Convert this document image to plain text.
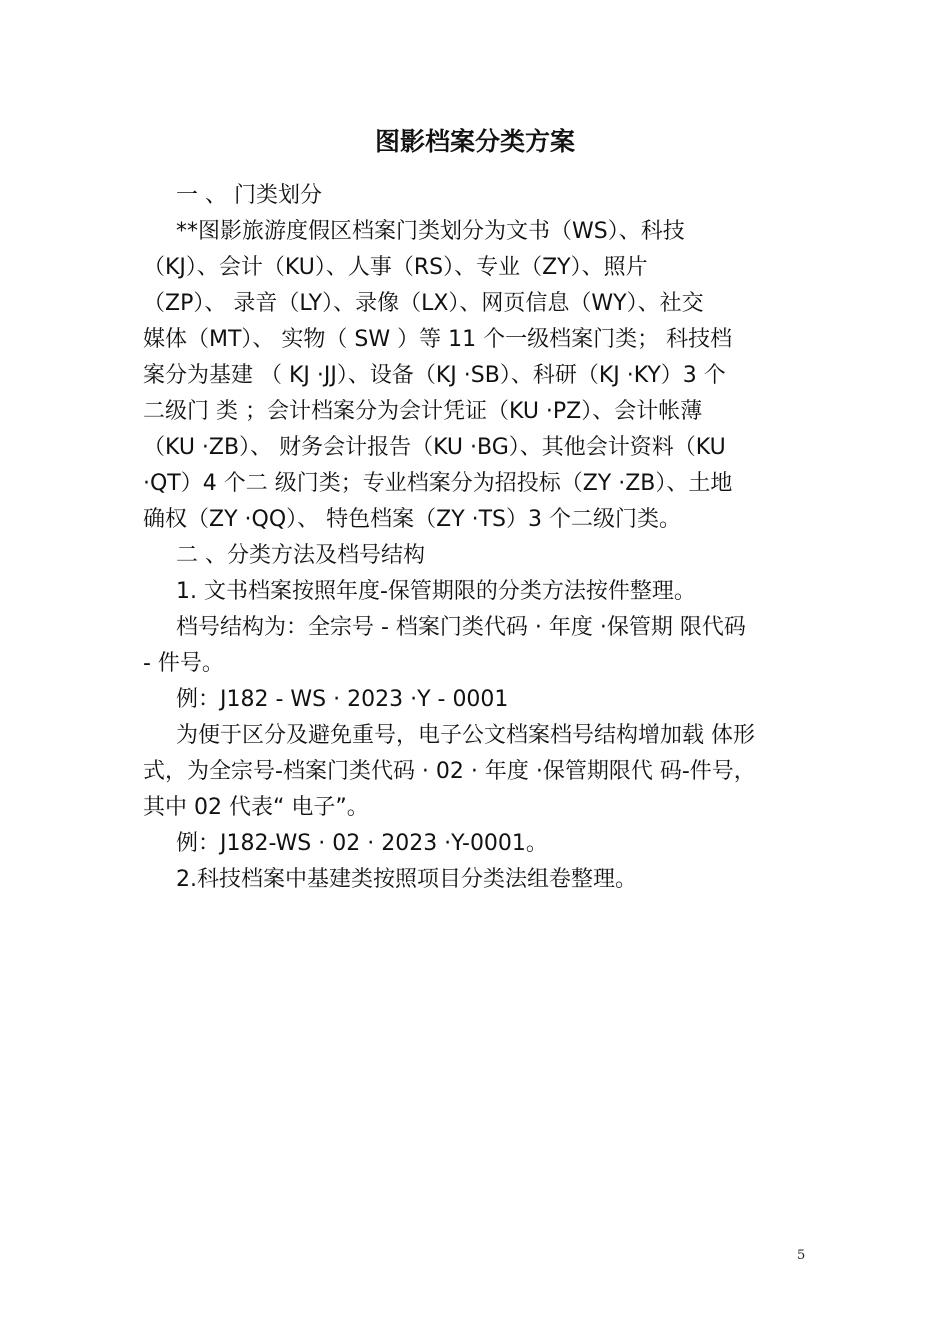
图影档案分类方案

一 、 门类划分

**图影旅游度假区档案门类划分为文书（WS）、科技

（KJ）、会计（KU）、人事（RS）、专业（ZY）、照片

（ZP）、 录音（LY）、录像（LX）、网页信息（WY）、社交

媒体（MT）、 实物（ SW ）等 11 个一级档案门类； 科技档

案分为基建 （ KJ ·JJ）、设备（KJ ·SB）、科研（KJ ·KY）3 个

二级门 类 ；会计档案分为会计凭证（KU ·PZ）、会计帐薄

（KU ·ZB）、 财务会计报告（KU ·BG）、其他会计资料（KU

·QT）4 个二 级门类；专业档案分为招投标（ZY ·ZB）、土地

确权（ZY ·QQ）、 特色档案（ZY ·TS）3 个二级门类。

二 、分类方法及档号结构

1. 文书档案按照年度-保管期限的分类方法按件整理。

档号结构为：全宗号 - 档案门类代码 · 年度 ·保管期 限代码

- 件号。

例：J182 - WS · 2023 ·Y - 0001

为便于区分及避免重号，电子公文档案档号结构增加载 体形

式，为全宗号-档案门类代码 · 02 · 年度 ·保管期限代 码-件号，

其中 02 代表“ 电子”。

例：J182-WS · 02 · 2023 ·Y-0001。

2.科技档案中基建类按照项目分类法组卷整理。

5
